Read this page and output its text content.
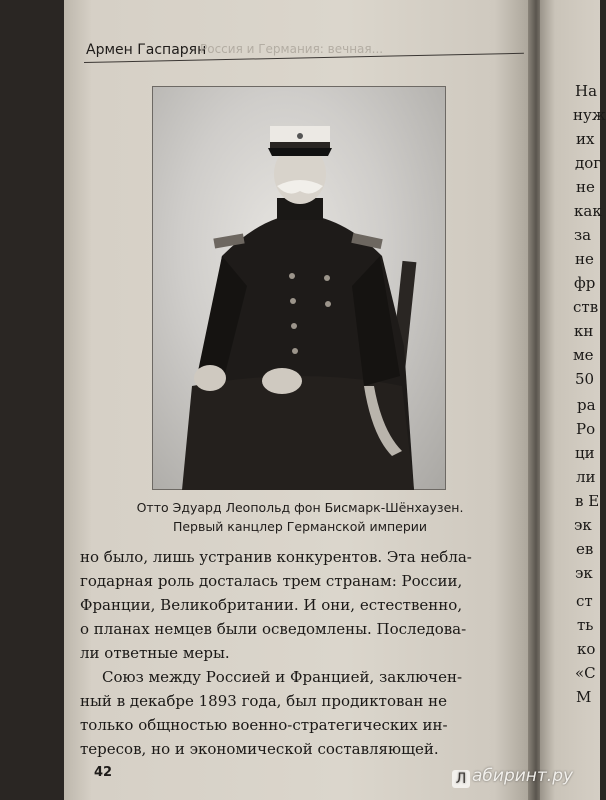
Армен Гаспарян
Россия и Германия: вечная...
Отто Эдуард Леопольд фон Бисмарк-Шёнхаузен.
Первый канцлер Германской империи
но было, лишь устранив конкурентов. Эта небла-
годарная роль досталась трем странам: России,
Франции, Великобритании. И они, естественно,
о планах немцев были осведомлены. Последова-
ли ответные меры.
Союз между Россией и Францией, заключен-
ный в декабре 1893 года, был продиктован не
только общностью военно-стратегических ин-
тересов, но и экономической составляющей.
42	Л абиринт.ру
На
нуж
их
дог
не
как
за
не
фр
ств
кн
ме
50
ра
Ро
ци
ли
в Е
эк
ев
эк
ст
ть
ко
«С
М
